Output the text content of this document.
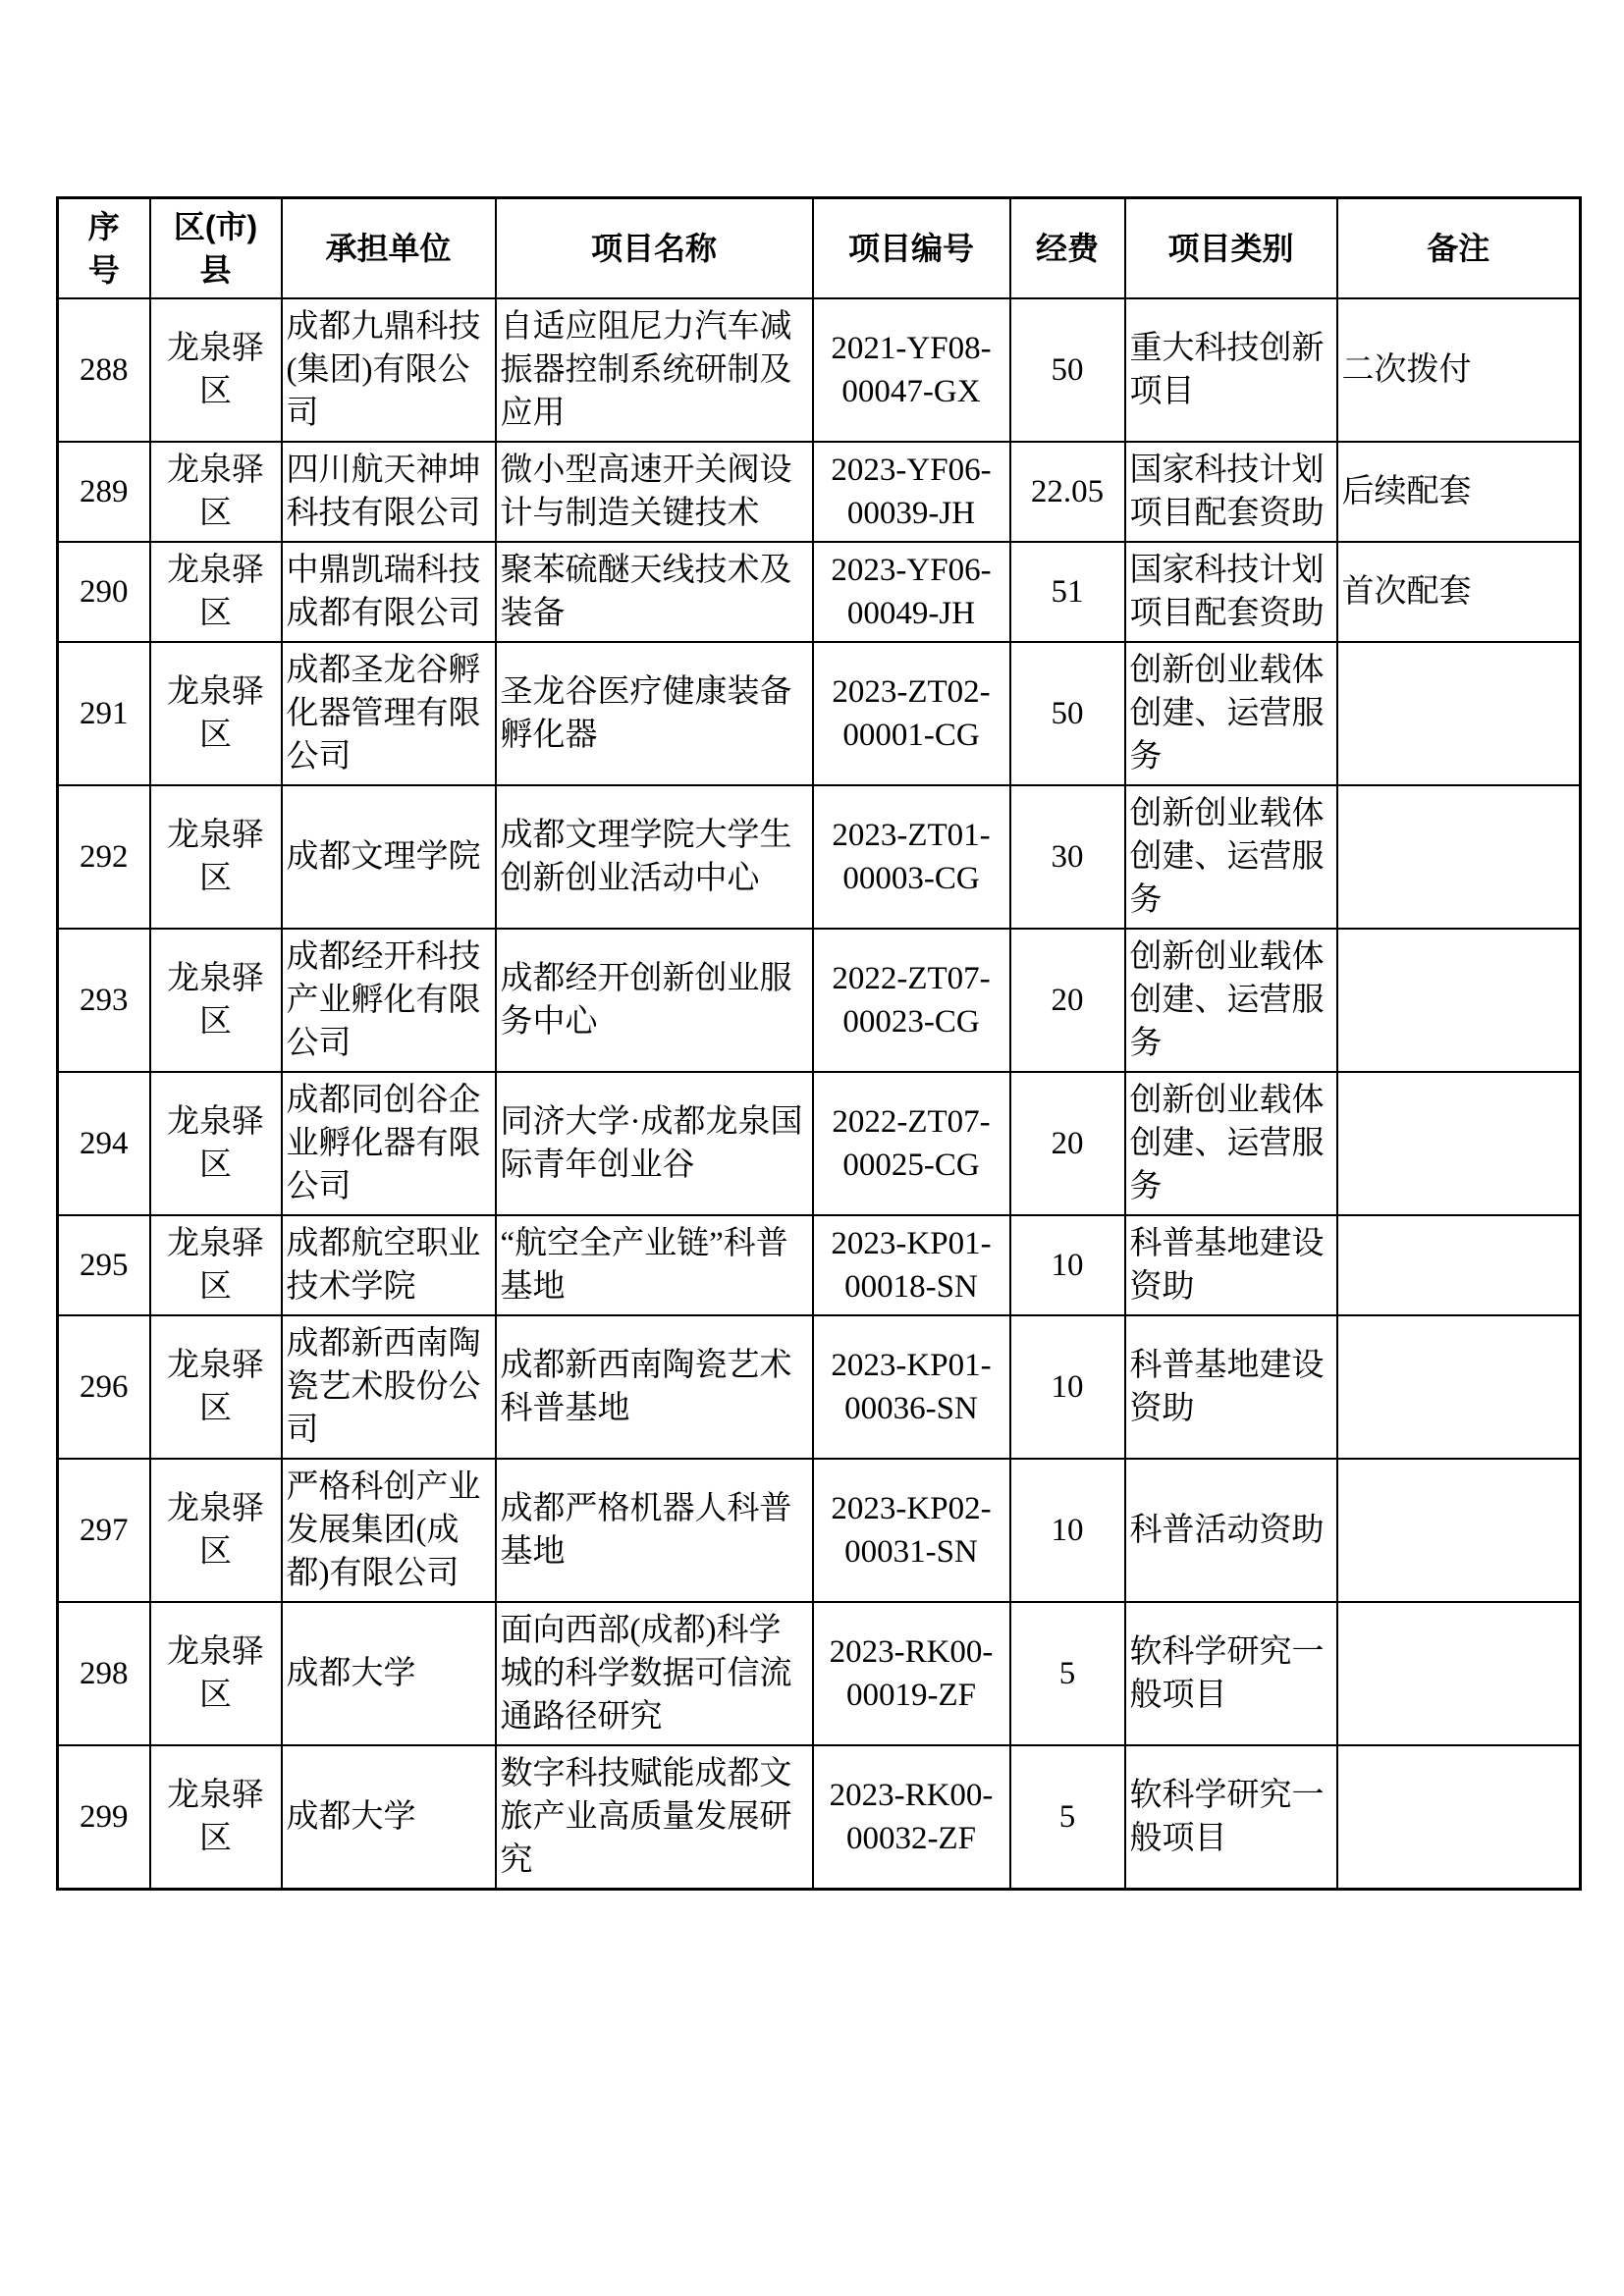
序号	区(市)县	承担单位	项目名称	项目编号	经费	项目类别	备注
288	龙泉驿区	成都九鼎科技(集团)有限公司	自适应阻尼力汽车减振器控制系统研制及应用	2021-YF08-00047-GX	50	重大科技创新项目	二次拨付
289	龙泉驿区	四川航天神坤科技有限公司	微小型高速开关阀设计与制造关键技术	2023-YF06-00039-JH	22.05	国家科技计划项目配套资助	后续配套
290	龙泉驿区	中鼎凯瑞科技成都有限公司	聚苯硫醚天线技术及装备	2023-YF06-00049-JH	51	国家科技计划项目配套资助	首次配套
291	龙泉驿区	成都圣龙谷孵化器管理有限公司	圣龙谷医疗健康装备孵化器	2023-ZT02-00001-CG	50	创新创业载体创建、运营服务	
292	龙泉驿区	成都文理学院	成都文理学院大学生创新创业活动中心	2023-ZT01-00003-CG	30	创新创业载体创建、运营服务	
293	龙泉驿区	成都经开科技产业孵化有限公司	成都经开创新创业服务中心	2022-ZT07-00023-CG	20	创新创业载体创建、运营服务	
294	龙泉驿区	成都同创谷企业孵化器有限公司	同济大学·成都龙泉国际青年创业谷	2022-ZT07-00025-CG	20	创新创业载体创建、运营服务	
295	龙泉驿区	成都航空职业技术学院	“航空全产业链”科普基地	2023-KP01-00018-SN	10	科普基地建设资助	
296	龙泉驿区	成都新西南陶瓷艺术股份公司	成都新西南陶瓷艺术科普基地	2023-KP01-00036-SN	10	科普基地建设资助	
297	龙泉驿区	严格科创产业发展集团(成都)有限公司	成都严格机器人科普基地	2023-KP02-00031-SN	10	科普活动资助	
298	龙泉驿区	成都大学	面向西部(成都)科学城的科学数据可信流通路径研究	2023-RK00-00019-ZF	5	软科学研究一般项目	
299	龙泉驿区	成都大学	数字科技赋能成都文旅产业高质量发展研究	2023-RK00-00032-ZF	5	软科学研究一般项目	
